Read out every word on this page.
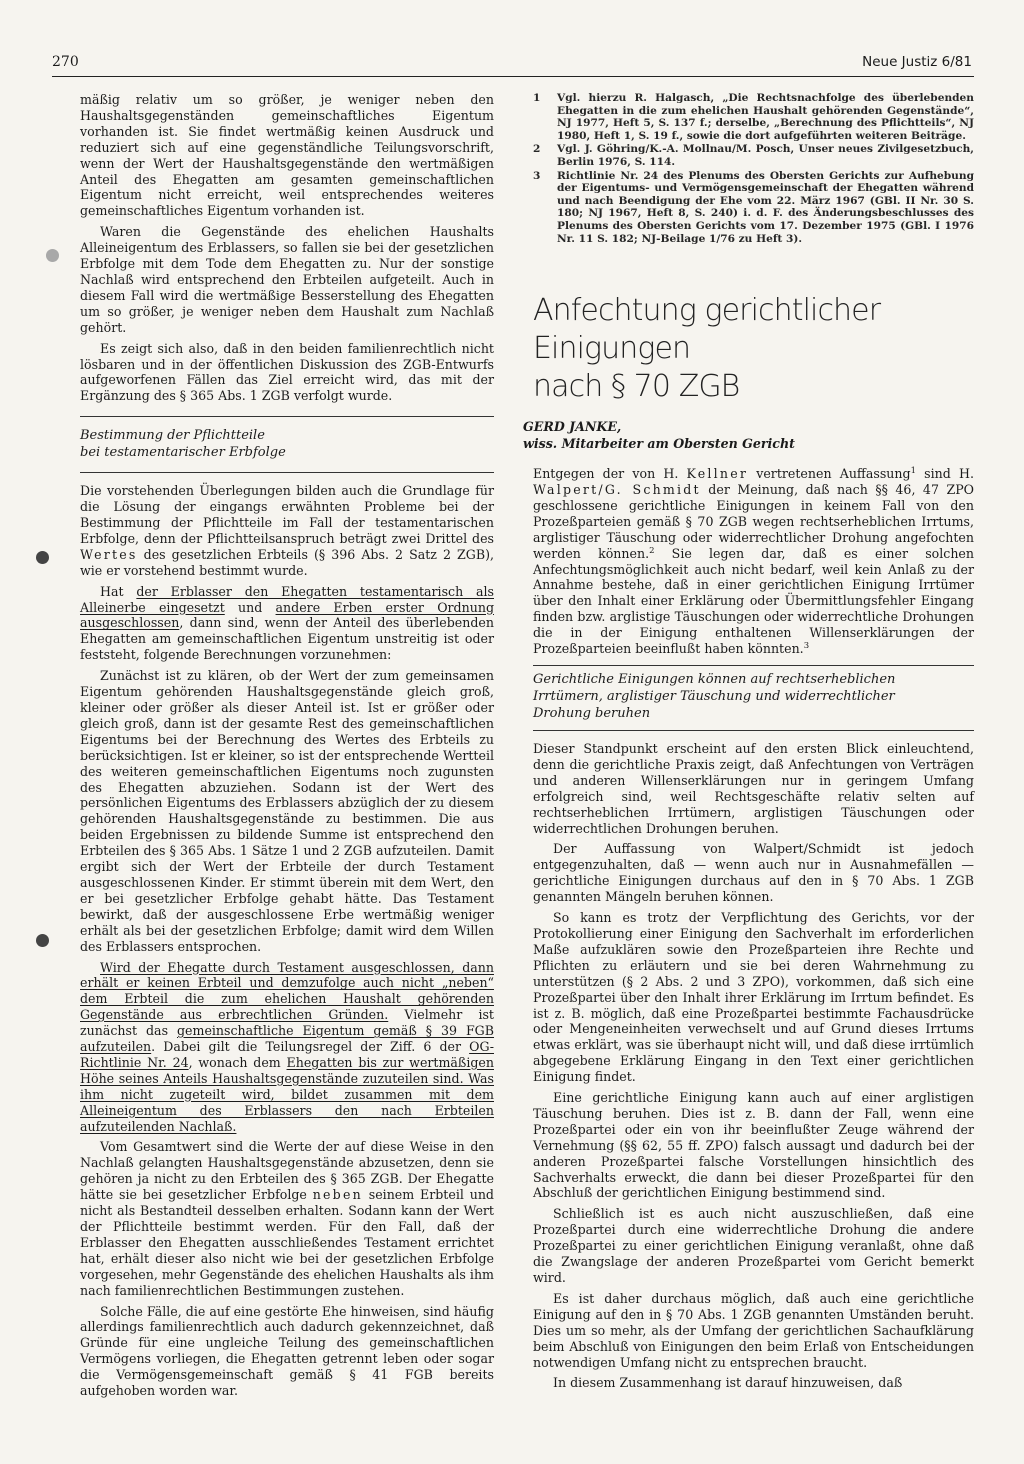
270	Neue Justiz 6/81

mäßig relativ um so größer, je weniger neben den Haushaltsgegenständen gemeinschaftliches Eigentum vorhanden ist. Sie findet wertmäßig keinen Ausdruck und reduziert sich auf eine gegenständliche Teilungsvorschrift, wenn der Wert der Haushaltsgegenstände den wertmäßigen Anteil des Ehegatten am gesamten gemeinschaftlichen Eigentum nicht erreicht, weil entsprechendes weiteres gemeinschaftliches Eigentum vorhanden ist.

Waren die Gegenstände des ehelichen Haushalts Alleineigentum des Erblassers, so fallen sie bei der gesetzlichen Erbfolge mit dem Tode dem Ehegatten zu. Nur der sonstige Nachlaß wird entsprechend den Erbteilen aufgeteilt. Auch in diesem Fall wird die wertmäßige Besserstellung des Ehegatten um so größer, je weniger neben dem Haushalt zum Nachlaß gehört.

Es zeigt sich also, daß in den beiden familienrechtlich nicht lösbaren und in der öffentlichen Diskussion des ZGB-Entwurfs aufgeworfenen Fällen das Ziel erreicht wird, das mit der Ergänzung des § 365 Abs. 1 ZGB verfolgt wurde.

Bestimmung der Pflichtteile
bei testamentarischer Erbfolge

Die vorstehenden Überlegungen bilden auch die Grundlage für die Lösung der eingangs erwähnten Probleme bei der Bestimmung der Pflichtteile im Fall der testamentarischen Erbfolge, denn der Pflichtteilsanspruch beträgt zwei Drittel des Wertes des gesetzlichen Erbteils (§ 396 Abs. 2 Satz 2 ZGB), wie er vorstehend bestimmt wurde.

Hat der Erblasser den Ehegatten testamentarisch als Alleinerbe eingesetzt und andere Erben erster Ordnung ausgeschlossen, dann sind, wenn der Anteil des überlebenden Ehegatten am gemeinschaftlichen Eigentum unstreitig ist oder feststeht, folgende Berechnungen vorzunehmen:

Zunächst ist zu klären, ob der Wert der zum gemeinsamen Eigentum gehörenden Haushaltsgegenstände gleich groß, kleiner oder größer als dieser Anteil ist. Ist er größer oder gleich groß, dann ist der gesamte Rest des gemeinschaftlichen Eigentums bei der Berechnung des Wertes des Erbteils zu berücksichtigen. Ist er kleiner, so ist der entsprechende Wertteil des weiteren gemeinschaftlichen Eigentums noch zugunsten des Ehegatten abzuziehen. Sodann ist der Wert des persönlichen Eigentums des Erblassers abzüglich der zu diesem gehörenden Haushaltsgegenstände zu bestimmen. Die aus beiden Ergebnissen zu bildende Summe ist entsprechend den Erbteilen des § 365 Abs. 1 Sätze 1 und 2 ZGB aufzuteilen. Damit ergibt sich der Wert der Erbteile der durch Testament ausgeschlossenen Kinder. Er stimmt überein mit dem Wert, den er bei gesetzlicher Erbfolge gehabt hätte. Das Testament bewirkt, daß der ausgeschlossene Erbe wertmäßig weniger erhält als bei der gesetzlichen Erbfolge; damit wird dem Willen des Erblassers entsprochen.

Wird der Ehegatte durch Testament ausgeschlossen, dann erhält er keinen Erbteil und demzufolge auch nicht „neben“ dem Erbteil die zum ehelichen Haushalt gehörenden Gegenstände aus erbrechtlichen Gründen. Vielmehr ist zunächst das gemeinschaftliche Eigentum gemäß § 39 FGB aufzuteilen. Dabei gilt die Teilungsregel der Ziff. 6 der OG-Richtlinie Nr. 24, wonach dem Ehegatten bis zur wertmäßigen Höhe seines Anteils Haushaltsgegenstände zuzuteilen sind. Was ihm nicht zugeteilt wird, bildet zusammen mit dem Alleineigentum des Erblassers den nach Erbteilen aufzuteilenden Nachlaß.

Vom Gesamtwert sind die Werte der auf diese Weise in den Nachlaß gelangten Haushaltsgegenstände abzusetzen, denn sie gehören ja nicht zu den Erbteilen des § 365 ZGB. Der Ehegatte hätte sie bei gesetzlicher Erbfolge neben seinem Erbteil und nicht als Bestandteil desselben erhalten. Sodann kann der Wert der Pflichtteile bestimmt werden. Für den Fall, daß der Erblasser den Ehegatten ausschließendes Testament errichtet hat, erhält dieser also nicht wie bei der gesetzlichen Erbfolge vorgesehen, mehr Gegenstände des ehelichen Haushalts als ihm nach familienrechtlichen Bestimmungen zustehen.

Solche Fälle, die auf eine gestörte Ehe hinweisen, sind häufig allerdings familienrechtlich auch dadurch gekennzeichnet, daß Gründe für eine ungleiche Teilung des gemeinschaftlichen Vermögens vorliegen, die Ehegatten getrennt leben oder sogar die Vermögensgemeinschaft gemäß § 41 FGB bereits aufgehoben worden war.

1	Vgl. hierzu R. Halgasch, „Die Rechtsnachfolge des überlebenden Ehegatten in die zum ehelichen Haushalt gehörenden Gegenstände“, NJ 1977, Heft 5, S. 137 f.; derselbe, „Berechnung des Pflichtteils“, NJ 1980, Heft 1, S. 19 f., sowie die dort aufgeführten weiteren Beiträge.
2	Vgl. J. Göhring/K.-A. Mollnau/M. Posch, Unser neues Zivilgesetzbuch, Berlin 1976, S. 114.
3	Richtlinie Nr. 24 des Plenums des Obersten Gerichts zur Aufhebung der Eigentums- und Vermögensgemeinschaft der Ehegatten während und nach Beendigung der Ehe vom 22. März 1967 (GBl. II Nr. 30 S. 180; NJ 1967, Heft 8, S. 240) i. d. F. des Änderungsbeschlusses des Plenums des Obersten Gerichts vom 17. Dezember 1975 (GBl. I 1976 Nr. 11 S. 182; NJ-Beilage 1/76 zu Heft 3).
Anfechtung gerichtlicher Einigungen
nach § 70 ZGB
GERD JANKE,
wiss. Mitarbeiter am Obersten Gericht

Entgegen der von H. Kellner vertretenen Auffassung$^1$ sind H. Walpert/G. Schmidt der Meinung, daß nach §§ 46, 47 ZPO geschlossene gerichtliche Einigungen in keinem Fall von den Prozeßparteien gemäß § 70 ZGB wegen rechtserheblichen Irrtums, arglistiger Täuschung oder widerrechtlicher Drohung angefochten werden können.$^2$ Sie legen dar, daß es einer solchen Anfechtungsmöglichkeit auch nicht bedarf, weil kein Anlaß zu der Annahme bestehe, daß in einer gerichtlichen Einigung Irrtümer über den Inhalt einer Erklärung oder Übermittlungsfehler Eingang finden bzw. arglistige Täuschungen oder widerrechtliche Drohungen die in der Einigung enthaltenen Willenserklärungen der Prozeßparteien beeinflußt haben könnten.$^3$

Gerichtliche Einigungen können auf rechtserheblichen
Irrtümern, arglistiger Täuschung und widerrechtlicher
Drohung beruhen

Dieser Standpunkt erscheint auf den ersten Blick einleuchtend, denn die gerichtliche Praxis zeigt, daß Anfechtungen von Verträgen und anderen Willenserklärungen nur in geringem Umfang erfolgreich sind, weil Rechtsgeschäfte relativ selten auf rechtserheblichen Irrtümern, arglistigen Täuschungen oder widerrechtlichen Drohungen beruhen.

Der Auffassung von Walpert/Schmidt ist jedoch entgegenzuhalten, daß — wenn auch nur in Ausnahmefällen — gerichtliche Einigungen durchaus auf den in § 70 Abs. 1 ZGB genannten Mängeln beruhen können.

So kann es trotz der Verpflichtung des Gerichts, vor der Protokollierung einer Einigung den Sachverhalt im erforderlichen Maße aufzuklären sowie den Prozeßparteien ihre Rechte und Pflichten zu erläutern und sie bei deren Wahrnehmung zu unterstützen (§ 2 Abs. 2 und 3 ZPO), vorkommen, daß sich eine Prozeßpartei über den Inhalt ihrer Erklärung im Irrtum befindet. Es ist z. B. möglich, daß eine Prozeßpartei bestimmte Fachausdrücke oder Mengeneinheiten verwechselt und auf Grund dieses Irrtums etwas erklärt, was sie überhaupt nicht will, und daß diese irrtümlich abgegebene Erklärung Eingang in den Text einer gerichtlichen Einigung findet.

Eine gerichtliche Einigung kann auch auf einer arglistigen Täuschung beruhen. Dies ist z. B. dann der Fall, wenn eine Prozeßpartei oder ein von ihr beeinflußter Zeuge während der Vernehmung (§§ 62, 55 ff. ZPO) falsch aussagt und dadurch bei der anderen Prozeßpartei falsche Vorstellungen hinsichtlich des Sachverhalts erweckt, die dann bei dieser Prozeßpartei für den Abschluß der gerichtlichen Einigung bestimmend sind.

Schließlich ist es auch nicht auszuschließen, daß eine Prozeßpartei durch eine widerrechtliche Drohung die andere Prozeßpartei zu einer gerichtlichen Einigung veranlaßt, ohne daß die Zwangslage der anderen Prozeßpartei vom Gericht bemerkt wird.

Es ist daher durchaus möglich, daß auch eine gerichtliche Einigung auf den in § 70 Abs. 1 ZGB genannten Umständen beruht. Dies um so mehr, als der Umfang der gerichtlichen Sachaufklärung beim Abschluß von Einigungen den beim Erlaß von Entscheidungen notwendigen Umfang nicht zu entsprechen braucht.

In diesem Zusammenhang ist darauf hinzuweisen, daß
